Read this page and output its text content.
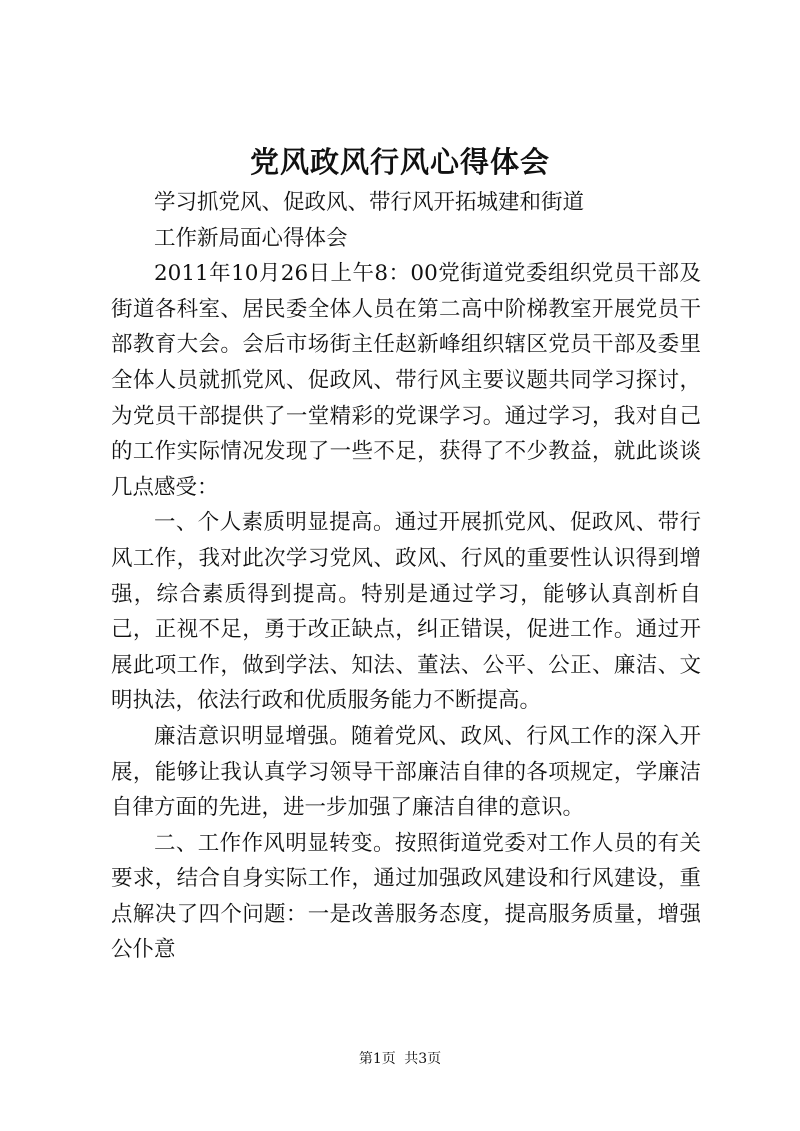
党风政风行风心得体会

学习抓党风、促政风、带行风开拓城建和街道

工作新局面心得体会

2011年10月26日上午8：00党街道党委组织党员干部及街道各科室、居民委全体人员在第二高中阶梯教室开展党员干部教育大会。会后市场街主任赵新峰组织辖区党员干部及委里全体人员就抓党风、促政风、带行风主要议题共同学习探讨，为党员干部提供了一堂精彩的党课学习。通过学习，我对自己的工作实际情况发现了一些不足，获得了不少教益，就此谈谈几点感受：

一、个人素质明显提高。通过开展抓党风、促政风、带行风工作，我对此次学习党风、政风、行风的重要性认识得到增强，综合素质得到提高。特别是通过学习，能够认真剖析自己，正视不足，勇于改正缺点，纠正错误，促进工作。通过开展此项工作，做到学法、知法、董法、公平、公正、廉洁、文明执法，依法行政和优质服务能力不断提高。

廉洁意识明显增强。随着党风、政风、行风工作的深入开展，能够让我认真学习领导干部廉洁自律的各项规定，学廉洁自律方面的先进，进一步加强了廉洁自律的意识。

二、工作作风明显转变。按照街道党委对工作人员的有关要求，结合自身实际工作，通过加强政风建设和行风建设，重点解决了四个问题：一是改善服务态度，提高服务质量，增强公仆意

第1页 共3页
